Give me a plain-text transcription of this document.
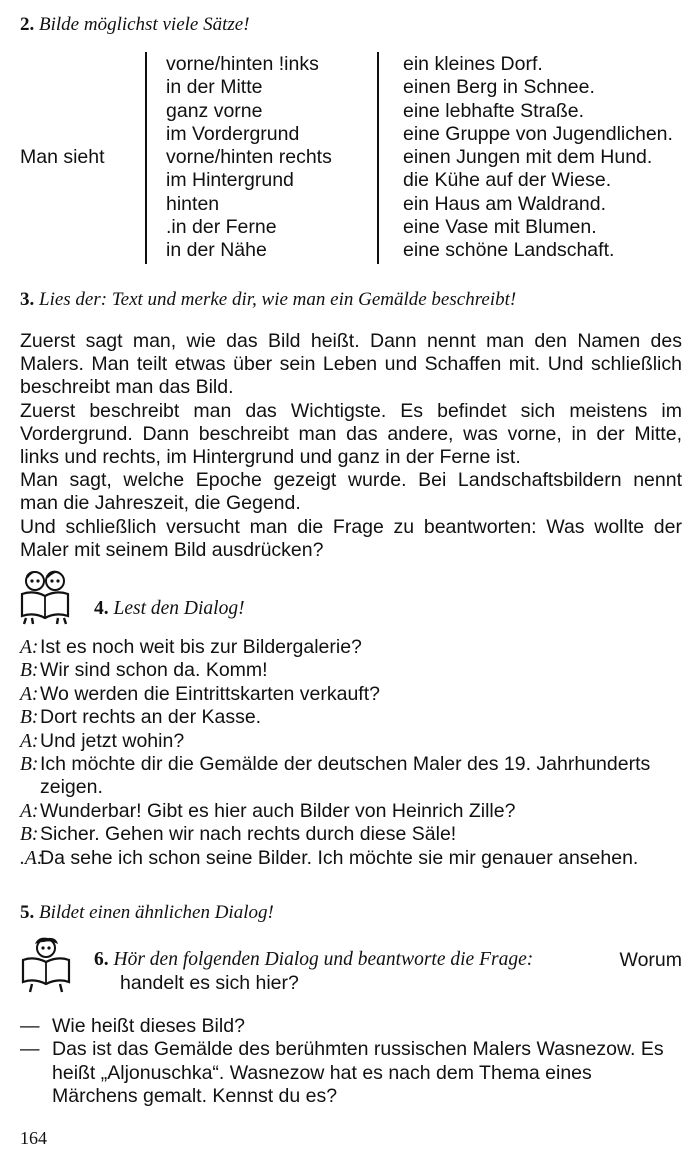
2. Bilde möglichst viele Sätze!
Man sieht
vorne/hinten !inks
in der Mitte
ganz vorne
im Vordergrund
vorne/hinten rechts
im Hintergrund
hinten
.in der Ferne
in der Nähe
ein kleines Dorf.
einen Berg in Schnee.
eine lebhafte Straße.
eine Gruppe von Jugendlichen.
einen Jungen mit dem Hund.
die Kühe auf der Wiese.
ein Haus am Waldrand.
eine Vase mit Blumen.
eine schöne Landschaft.
3. Lies der: Text und merke dir, wie man ein Gemälde beschreibt!
Zuerst sagt man, wie das Bild heißt. Dann nennt man den Namen des
Malers. Man teilt etwas über sein Leben und Schaffen mit. Und schließlich
beschreibt man das Bild.
Zuerst beschreibt man das Wichtigste. Es befindet sich meistens im
Vordergrund. Dann beschreibt man das andere, was vorne, in der Mitte,
links und rechts, im Hintergrund und ganz in der Ferne ist.
Man sagt, welche Epoche gezeigt wurde. Bei Landschaftsbildern nennt
man die Jahreszeit, die Gegend.
Und schließlich versucht man die Frage zu beantworten: Was wollte der
Maler mit seinem Bild ausdrücken?
4. Lest den Dialog!
A:Ist es noch weit bis zur Bildergalerie?
B:Wir sind schon da. Komm!
A:Wo werden die Eintrittskarten verkauft?
B:Dort rechts an der Kasse.
A:Und jetzt wohin?
B:Ich möchte dir die Gemälde der deutschen Maler des 19. Jahrhunderts
zeigen.
A:Wunderbar! Gibt es hier auch Bilder von Heinrich Zille?
B:Sicher. Gehen wir nach rechts durch diese Säle!
.A:Da sehe ich schon seine Bilder. Ich möchte sie mir genauer ansehen.
5. Bildet einen ähnlichen Dialog!
6. Hör den folgenden Dialog und beantworte die Frage:	Worum
handelt es sich hier?
— Wie heißt dieses Bild?
— Das ist das Gemälde des berühmten russischen Malers Wasnezow. Es
heißt „Aljonuschka“. Wasnezow hat es nach dem Thema eines
Märchens gemalt. Kennst du es?
164
